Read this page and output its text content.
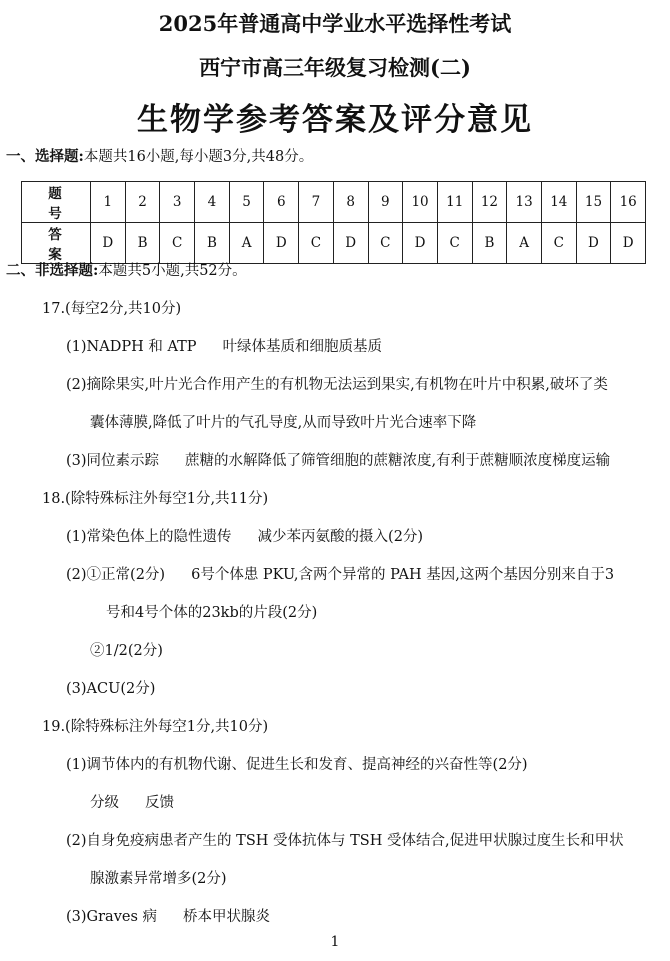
2025年普通高中学业水平选择性考试
西宁市高三年级复习检测(二)
生物学参考答案及评分意见
一、选择题:本题共16小题,每小题3分,共48分。
题 号	1	2	3	4	5	6	7	8	9	10	11	12	13	14	15	16
答 案	D	B	C	B	A	D	C	D	C	D	C	B	A	C	D	D
二、非选择题:本题共5小题,共52分。
17.(每空2分,共10分)
(1)NADPH 和 ATP 叶绿体基质和细胞质基质
(2)摘除果实,叶片光合作用产生的有机物无法运到果实,有机物在叶片中积累,破坏了类
囊体薄膜,降低了叶片的气孔导度,从而导致叶片光合速率下降
(3)同位素示踪 蔗糖的水解降低了筛管细胞的蔗糖浓度,有利于蔗糖顺浓度梯度运输
18.(除特殊标注外每空1分,共11分)
(1)常染色体上的隐性遗传 减少苯丙氨酸的摄入(2分)
(2)①正常(2分) 6号个体患 PKU,含两个异常的 PAH 基因,这两个基因分别来自于3
号和4号个体的23kb的片段(2分)
②1/2(2分)
(3)ACU(2分)
19.(除特殊标注外每空1分,共10分)
(1)调节体内的有机物代谢、促进生长和发育、提高神经的兴奋性等(2分)
分级 反馈
(2)自身免疫病患者产生的 TSH 受体抗体与 TSH 受体结合,促进甲状腺过度生长和甲状
腺激素异常增多(2分)
(3)Graves 病 桥本甲状腺炎
1
